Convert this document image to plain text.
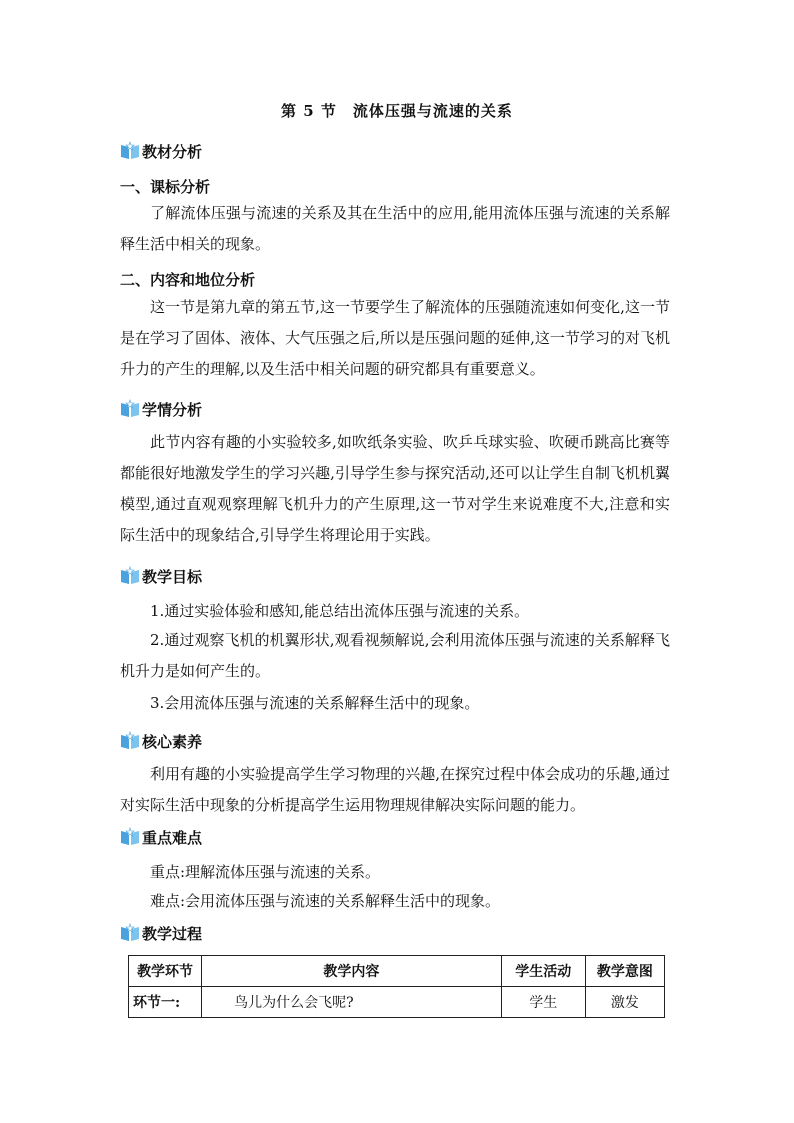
第 5 节　流体压强与流速的关系
教材分析
一、课标分析
了解流体压强与流速的关系及其在生活中的应用,能用流体压强与流速的关系解释生活中相关的现象。
二、内容和地位分析
这一节是第九章的第五节,这一节要学生了解流体的压强随流速如何变化,这一节是在学习了固体、液体、大气压强之后,所以是压强问题的延伸,这一节学习的对飞机升力的产生的理解,以及生活中相关问题的研究都具有重要意义。
学情分析
此节内容有趣的小实验较多,如吹纸条实验、吹乒乓球实验、吹硬币跳高比赛等都能很好地激发学生的学习兴趣,引导学生参与探究活动,还可以让学生自制飞机机翼模型,通过直观观察理解飞机升力的产生原理,这一节对学生来说难度不大,注意和实际生活中的现象结合,引导学生将理论用于实践。
教学目标
1.通过实验体验和感知,能总结出流体压强与流速的关系。
2.通过观察飞机的机翼形状,观看视频解说,会利用流体压强与流速的关系解释飞机升力是如何产生的。
3.会用流体压强与流速的关系解释生活中的现象。
核心素养
利用有趣的小实验提高学生学习物理的兴趣,在探究过程中体会成功的乐趣,通过对实际生活中现象的分析提高学生运用物理规律解决实际问题的能力。
重点难点
重点:理解流体压强与流速的关系。
难点:会用流体压强与流速的关系解释生活中的现象。
教学过程
教学环节	教学内容	学生活动	教学意图
环节一:	鸟儿为什么会飞呢?	学生	激发
